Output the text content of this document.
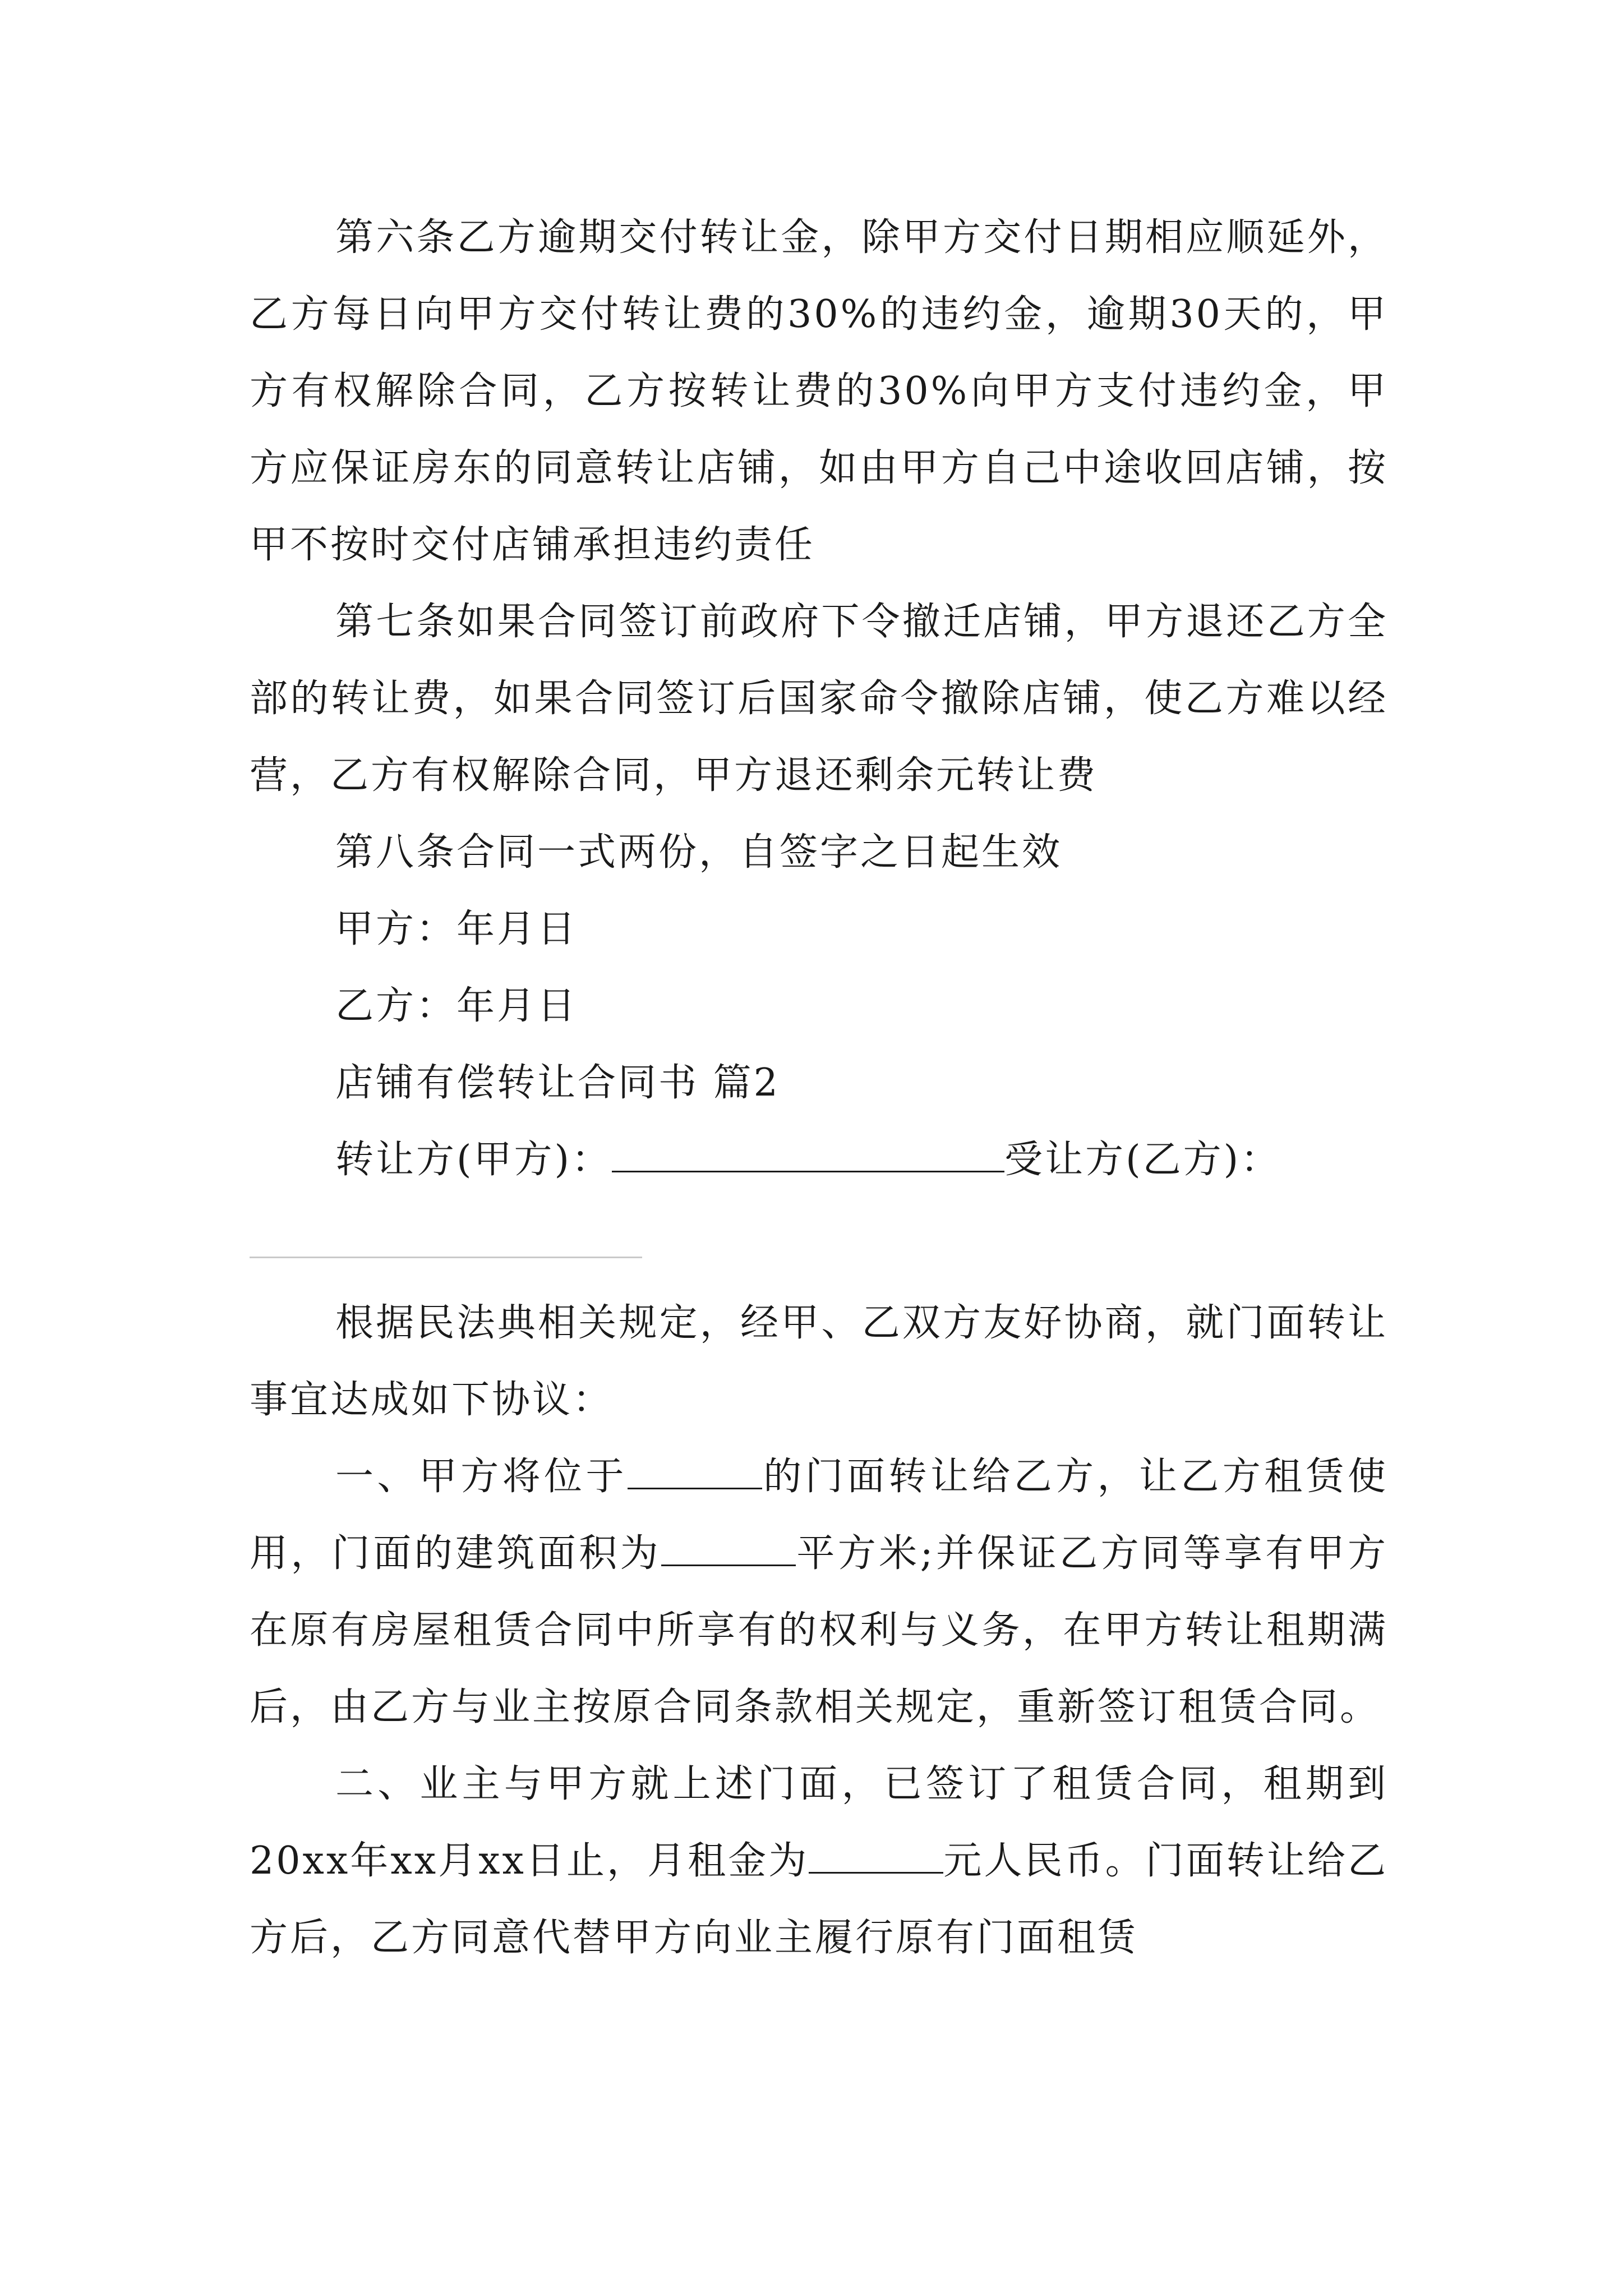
第六条乙方逾期交付转让金，除甲方交付日期相应顺延外，乙方每日向甲方交付转让费的30%的违约金，逾期30天的，甲方有权解除合同，乙方按转让费的30%向甲方支付违约金，甲方应保证房东的同意转让店铺，如由甲方自己中途收回店铺，按甲不按时交付店铺承担违约责任

第七条如果合同签订前政府下令撤迁店铺，甲方退还乙方全部的转让费，如果合同签订后国家命令撤除店铺，使乙方难以经营，乙方有权解除合同，甲方退还剩余元转让费

第八条合同一式两份，自签字之日起生效

甲方：年月日

乙方：年月日

店铺有偿转让合同书 篇2

转让方(甲方)：	受让方(乙方)：

根据民法典相关规定，经甲、乙双方友好协商，就门面转让事宜达成如下协议：

一、甲方将位于	的门面转让给乙方，让乙方租赁使用，门面的建筑面积为	平方米;并保证乙方同等享有甲方在原有房屋租赁合同中所享有的权利与义务，在甲方转让租期满后，由乙方与业主按原合同条款相关规定，重新签订租赁合同。

二、业主与甲方就上述门面，已签订了租赁合同，租期到20xx年xx月xx日止，月租金为	元人民币。门面转让给乙方后，乙方同意代替甲方向业主履行原有门面租赁
